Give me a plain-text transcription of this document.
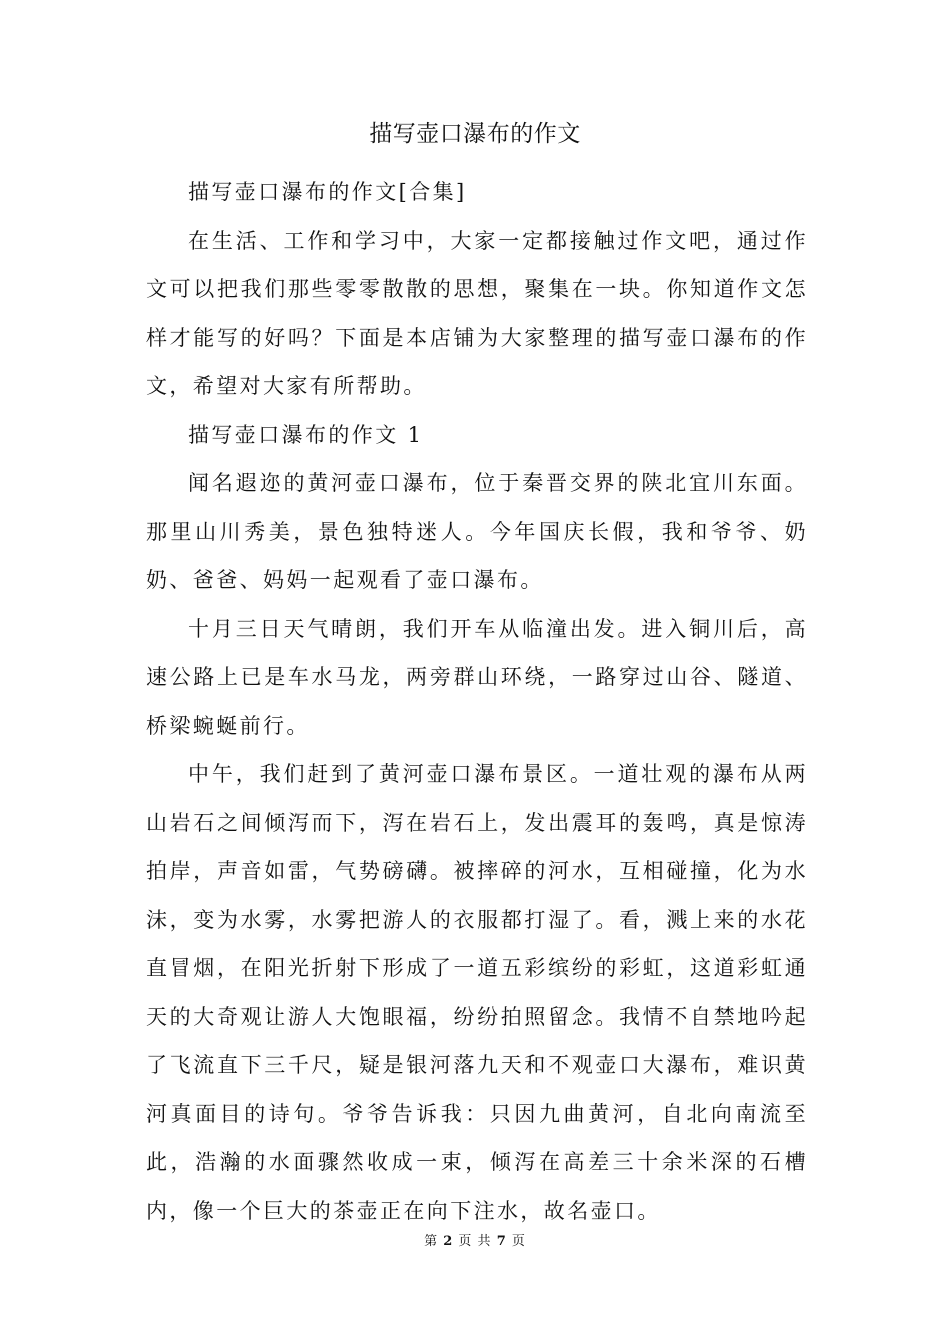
描写壶口瀑布的作文

描写壶口瀑布的作文[合集]

在生活、工作和学习中，大家一定都接触过作文吧，通过作文可以把我们那些零零散散的思想，聚集在一块。你知道作文怎样才能写的好吗？下面是本店铺为大家整理的描写壶口瀑布的作文，希望对大家有所帮助。

描写壶口瀑布的作文 1

闻名遐迩的黄河壶口瀑布，位于秦晋交界的陕北宜川东面。那里山川秀美，景色独特迷人。今年国庆长假，我和爷爷、奶奶、爸爸、妈妈一起观看了壶口瀑布。

十月三日天气晴朗，我们开车从临潼出发。进入铜川后，高速公路上已是车水马龙，两旁群山环绕，一路穿过山谷、隧道、桥梁蜿蜒前行。

中午，我们赶到了黄河壶口瀑布景区。一道壮观的瀑布从两山岩石之间倾泻而下，泻在岩石上，发出震耳的轰鸣，真是惊涛拍岸，声音如雷，气势磅礴。被摔碎的河水，互相碰撞，化为水沫，变为水雾，水雾把游人的衣服都打湿了。看，溅上来的水花直冒烟，在阳光折射下形成了一道五彩缤纷的彩虹，这道彩虹通天的大奇观让游人大饱眼福，纷纷拍照留念。我情不自禁地吟起了飞流直下三千尺，疑是银河落九天和不观壶口大瀑布，难识黄河真面目的诗句。爷爷告诉我：只因九曲黄河，自北向南流至此，浩瀚的水面骤然收成一束，倾泻在高差三十余米深的石槽内，像一个巨大的茶壶正在向下注水，故名壶口。

第 2 页 共 7 页
